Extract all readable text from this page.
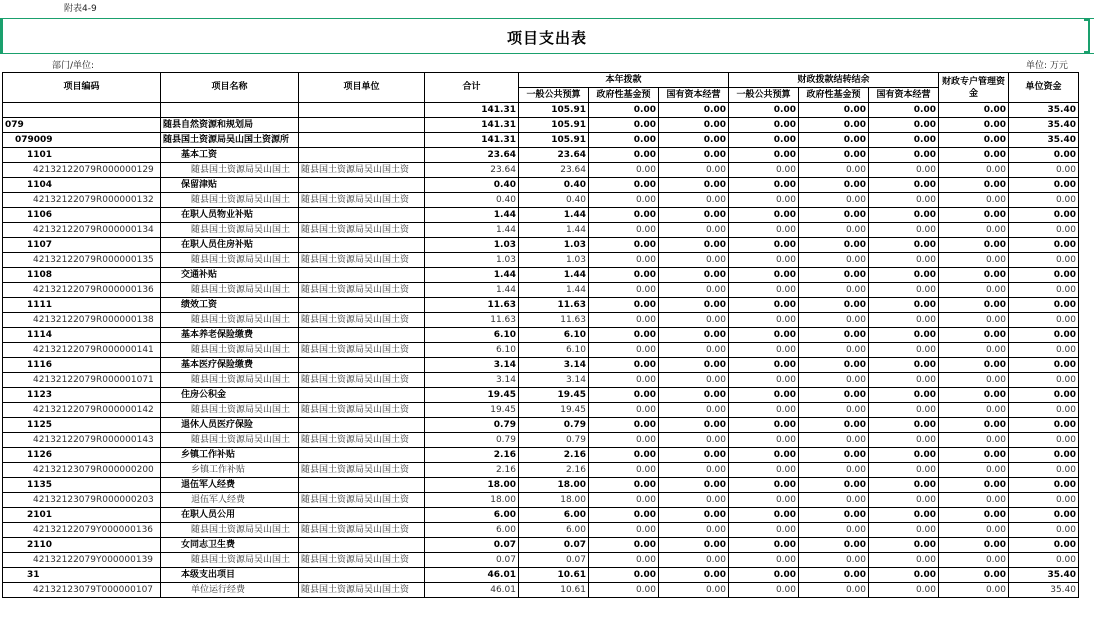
附表4-9
项目支出表
部门/单位:	单位: 万元
项目编码	项目名称	项目单位	合计	本年拨款			财政拨款结转结余			财政专户管理资金	单位资金
				一般公共预算	政府性基金预	国有资本经营	一般公共预算	政府性基金预	国有资本经营		
			141.31	105.91	0.00	0.00	0.00	0.00	0.00	0.00	35.40
079	随县自然资源和规划局		141.31	105.91	0.00	0.00	0.00	0.00	0.00	0.00	35.40
079009	随县国土资源局吴山国土资源所		141.31	105.91	0.00	0.00	0.00	0.00	0.00	0.00	35.40
1101	基本工资		23.64	23.64	0.00	0.00	0.00	0.00	0.00	0.00	0.00
42132122079R000000129	随县国土资源局吴山国土	随县国土资源局吴山国土资	23.64	23.64	0.00	0.00	0.00	0.00	0.00	0.00	0.00
1104	保留津贴		0.40	0.40	0.00	0.00	0.00	0.00	0.00	0.00	0.00
42132122079R000000132	随县国土资源局吴山国土	随县国土资源局吴山国土资	0.40	0.40	0.00	0.00	0.00	0.00	0.00	0.00	0.00
1106	在职人员物业补贴		1.44	1.44	0.00	0.00	0.00	0.00	0.00	0.00	0.00
42132122079R000000134	随县国土资源局吴山国土	随县国土资源局吴山国土资	1.44	1.44	0.00	0.00	0.00	0.00	0.00	0.00	0.00
1107	在职人员住房补贴		1.03	1.03	0.00	0.00	0.00	0.00	0.00	0.00	0.00
42132122079R000000135	随县国土资源局吴山国土	随县国土资源局吴山国土资	1.03	1.03	0.00	0.00	0.00	0.00	0.00	0.00	0.00
1108	交通补贴		1.44	1.44	0.00	0.00	0.00	0.00	0.00	0.00	0.00
42132122079R000000136	随县国土资源局吴山国土	随县国土资源局吴山国土资	1.44	1.44	0.00	0.00	0.00	0.00	0.00	0.00	0.00
1111	绩效工资		11.63	11.63	0.00	0.00	0.00	0.00	0.00	0.00	0.00
42132122079R000000138	随县国土资源局吴山国土	随县国土资源局吴山国土资	11.63	11.63	0.00	0.00	0.00	0.00	0.00	0.00	0.00
1114	基本养老保险缴费		6.10	6.10	0.00	0.00	0.00	0.00	0.00	0.00	0.00
42132122079R000000141	随县国土资源局吴山国土	随县国土资源局吴山国土资	6.10	6.10	0.00	0.00	0.00	0.00	0.00	0.00	0.00
1116	基本医疗保险缴费		3.14	3.14	0.00	0.00	0.00	0.00	0.00	0.00	0.00
42132122079R000001071	随县国土资源局吴山国土	随县国土资源局吴山国土资	3.14	3.14	0.00	0.00	0.00	0.00	0.00	0.00	0.00
1123	住房公积金		19.45	19.45	0.00	0.00	0.00	0.00	0.00	0.00	0.00
42132122079R000000142	随县国土资源局吴山国土	随县国土资源局吴山国土资	19.45	19.45	0.00	0.00	0.00	0.00	0.00	0.00	0.00
1125	退休人员医疗保险		0.79	0.79	0.00	0.00	0.00	0.00	0.00	0.00	0.00
42132122079R000000143	随县国土资源局吴山国土	随县国土资源局吴山国土资	0.79	0.79	0.00	0.00	0.00	0.00	0.00	0.00	0.00
1126	乡镇工作补贴		2.16	2.16	0.00	0.00	0.00	0.00	0.00	0.00	0.00
42132123079R000000200	乡镇工作补贴	随县国土资源局吴山国土资	2.16	2.16	0.00	0.00	0.00	0.00	0.00	0.00	0.00
1135	退伍军人经费		18.00	18.00	0.00	0.00	0.00	0.00	0.00	0.00	0.00
42132123079R000000203	退伍军人经费	随县国土资源局吴山国土资	18.00	18.00	0.00	0.00	0.00	0.00	0.00	0.00	0.00
2101	在职人员公用		6.00	6.00	0.00	0.00	0.00	0.00	0.00	0.00	0.00
42132122079Y000000136	随县国土资源局吴山国土	随县国土资源局吴山国土资	6.00	6.00	0.00	0.00	0.00	0.00	0.00	0.00	0.00
2110	女同志卫生费		0.07	0.07	0.00	0.00	0.00	0.00	0.00	0.00	0.00
42132122079Y000000139	随县国土资源局吴山国土	随县国土资源局吴山国土资	0.07	0.07	0.00	0.00	0.00	0.00	0.00	0.00	0.00
31	本级支出项目		46.01	10.61	0.00	0.00	0.00	0.00	0.00	0.00	35.40
42132123079T000000107	单位运行经费	随县国土资源局吴山国土资	46.01	10.61	0.00	0.00	0.00	0.00	0.00	0.00	35.40
